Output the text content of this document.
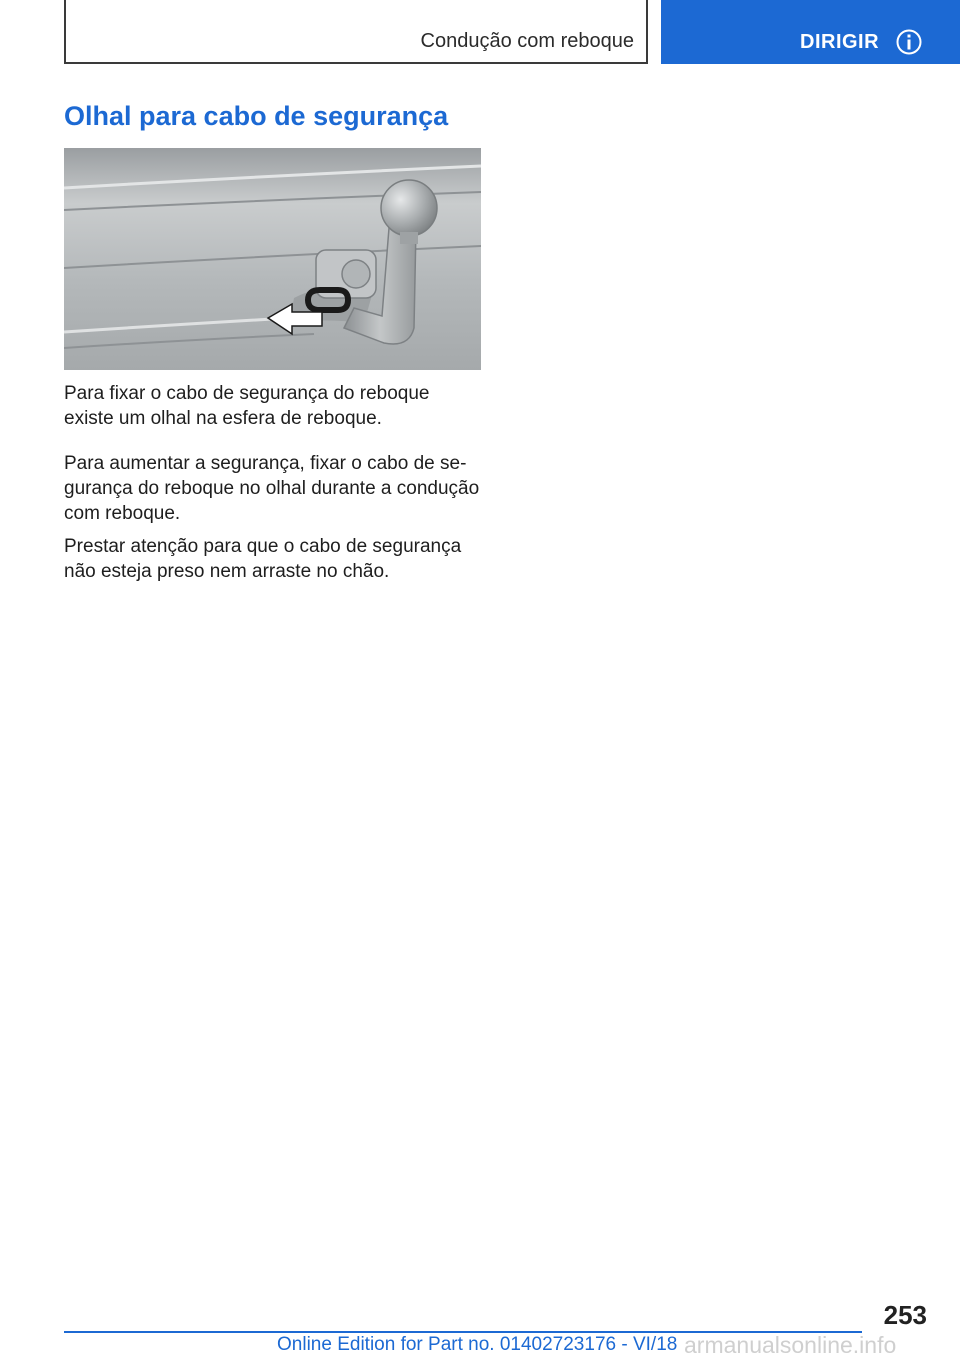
Condução com reboque	DIRIGIR
Olhal para cabo de segurança

Para fixar o cabo de segurança do reboque existe um olhal na esfera de reboque.

Para aumentar a segurança, fixar o cabo de se-gurança do reboque no olhal durante a condução com reboque.

Prestar atenção para que o cabo de segurança não esteja preso nem arraste no chão.

253
Online Edition for Part no. 01402723176 - VI/18 armanualsonline.info
